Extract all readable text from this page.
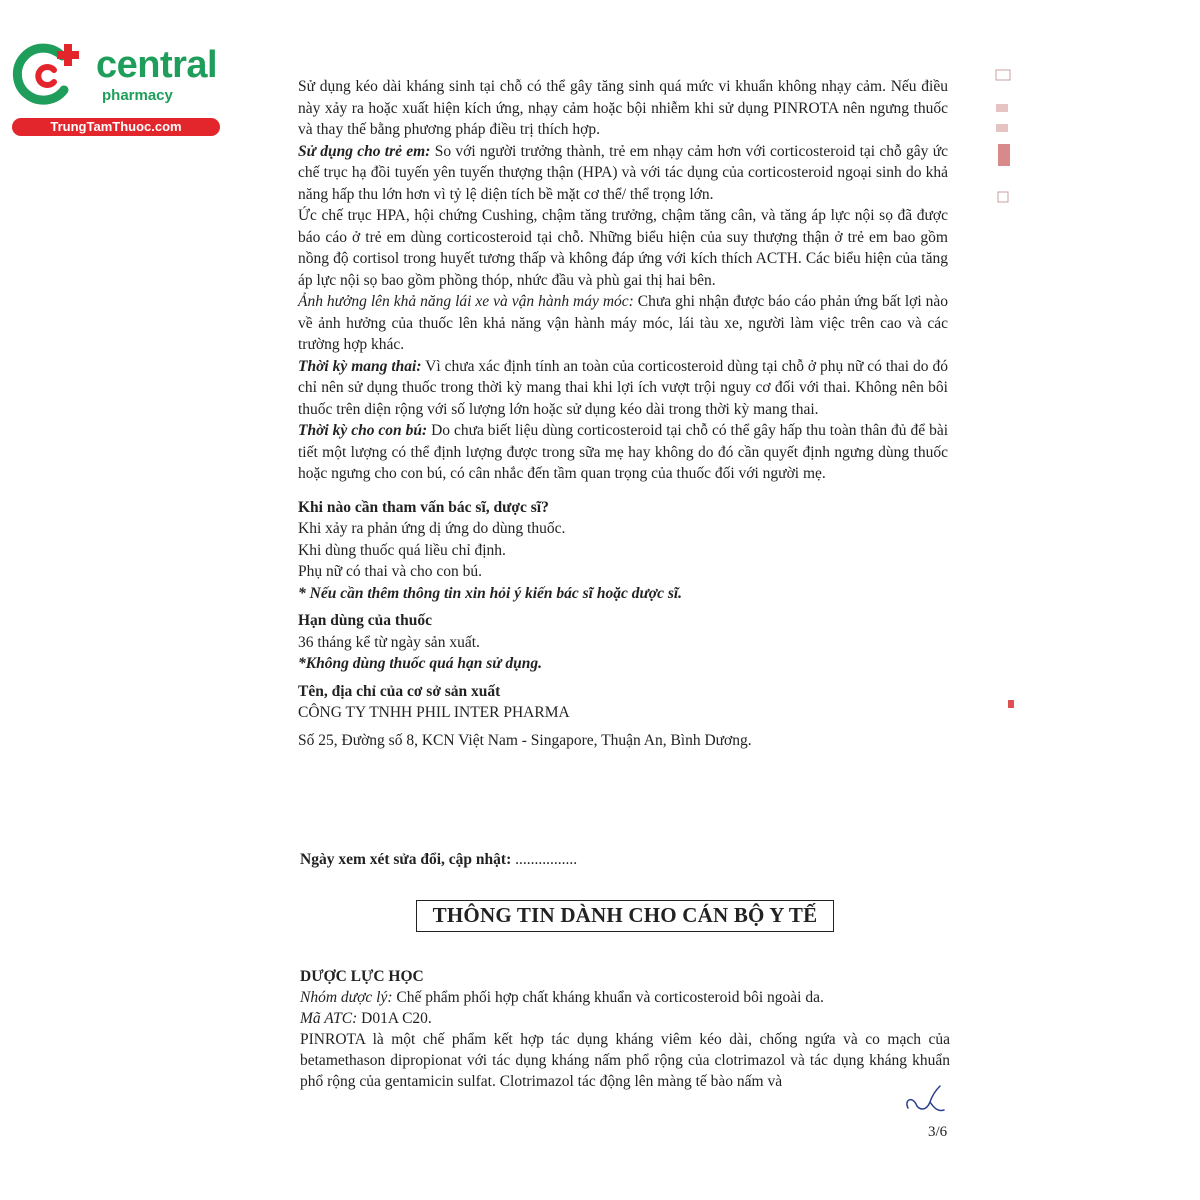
central
pharmacy
TrungTamThuoc.com

Sử dụng kéo dài kháng sinh tại chỗ có thể gây tăng sinh quá mức vi khuẩn không nhạy cảm. Nếu điều này xảy ra hoặc xuất hiện kích ứng, nhạy cảm hoặc bội nhiễm khi sử dụng PINROTA nên ngưng thuốc và thay thế bằng phương pháp điều trị thích hợp.

Sử dụng cho trẻ em: So với người trưởng thành, trẻ em nhạy cảm hơn với corticosteroid tại chỗ gây ức chế trục hạ đồi tuyến yên tuyến thượng thận (HPA) và với tác dụng của corticosteroid ngoại sinh do khả năng hấp thu lớn hơn vì tỷ lệ diện tích bề mặt cơ thể/ thể trọng lớn.

Ức chế trục HPA, hội chứng Cushing, chậm tăng trưởng, chậm tăng cân, và tăng áp lực nội sọ đã được báo cáo ở trẻ em dùng corticosteroid tại chỗ. Những biểu hiện của suy thượng thận ở trẻ em bao gồm nồng độ cortisol trong huyết tương thấp và không đáp ứng với kích thích ACTH. Các biểu hiện của tăng áp lực nội sọ bao gồm phồng thóp, nhức đầu và phù gai thị hai bên.

Ảnh hưởng lên khả năng lái xe và vận hành máy móc: Chưa ghi nhận được báo cáo phản ứng bất lợi nào về ảnh hưởng của thuốc lên khả năng vận hành máy móc, lái tàu xe, người làm việc trên cao và các trường hợp khác.

Thời kỳ mang thai: Vì chưa xác định tính an toàn của corticosteroid dùng tại chỗ ở phụ nữ có thai do đó chỉ nên sử dụng thuốc trong thời kỳ mang thai khi lợi ích vượt trội nguy cơ đối với thai. Không nên bôi thuốc trên diện rộng với số lượng lớn hoặc sử dụng kéo dài trong thời kỳ mang thai.

Thời kỳ cho con bú: Do chưa biết liệu dùng corticosteroid tại chỗ có thể gây hấp thu toàn thân đủ để bài tiết một lượng có thể định lượng được trong sữa mẹ hay không do đó cần quyết định ngưng dùng thuốc hoặc ngưng cho con bú, có cân nhắc đến tầm quan trọng của thuốc đối với người mẹ.

Khi nào cần tham vấn bác sĩ, dược sĩ?

Khi xảy ra phản ứng dị ứng do dùng thuốc.

Khi dùng thuốc quá liều chỉ định.

Phụ nữ có thai và cho con bú.

* Nếu cần thêm thông tin xin hỏi ý kiến bác sĩ hoặc dược sĩ.

Hạn dùng của thuốc

36 tháng kể từ ngày sản xuất.

*Không dùng thuốc quá hạn sử dụng.

Tên, địa chỉ của cơ sở sản xuất

CÔNG TY TNHH PHIL INTER PHARMA

Số 25, Đường số 8, KCN Việt Nam - Singapore, Thuận An, Bình Dương.

Ngày xem xét sửa đổi, cập nhật: ................
THÔNG TIN DÀNH CHO CÁN BỘ Y TẾ

DƯỢC LỰC HỌC

Nhóm dược lý: Chế phẩm phối hợp chất kháng khuẩn và corticosteroid bôi ngoài da.

Mã ATC: D01A C20.

PINROTA là một chế phẩm kết hợp tác dụng kháng viêm kéo dài, chống ngứa và co mạch của betamethason dipropionat với tác dụng kháng nấm phổ rộng của clotrimazol và tác dụng kháng khuẩn phổ rộng của gentamicin sulfat. Clotrimazol tác động lên màng tế bào nấm và

3/6
